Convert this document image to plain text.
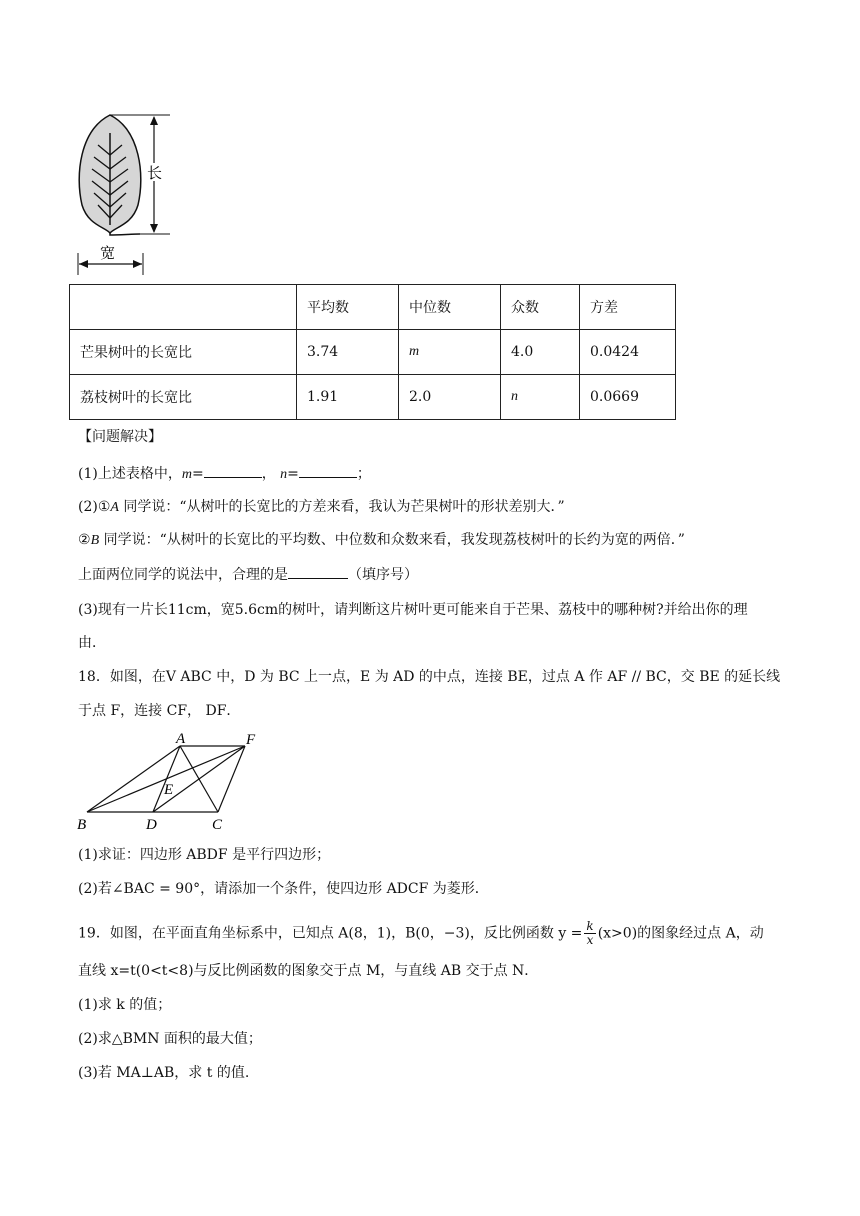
长
宽
	平均数	中位数	众数	方差
芒果树叶的长宽比	3.74	m	4.0	0.0424
荔枝树叶的长宽比	1.91	2.0	n	0.0669
【问题解决】
(1)上述表格中，m=	， n=	；
(2)①A 同学说：“从树叶的长宽比的方差来看，我认为芒果树叶的形状差别大．”
②B 同学说：“从树叶的长宽比的平均数、中位数和众数来看，我发现荔枝树叶的长约为宽的两倍．”
上面两位同学的说法中，合理的是	（填序号）
(3)现有一片长11cm，宽5.6cm的树叶，请判断这片树叶更可能来自于芒果、荔枝中的哪种树?并给出你的理
由．
18．如图，在V ABC 中，D 为 BC 上一点，E 为 AD 的中点，连接 BE，过点 A 作 AF // BC，交 BE 的延长线
于点 F，连接 CF， DF．
A	F
E
B	D	C
(1)求证：四边形 ABDF 是平行四边形；
(2)若∠BAC = 90°，请添加一个条件，使四边形 ADCF 为菱形．
19．如图，在平面直角坐标系中，已知点 A(8，1)，B(0，−3)，反比例函数 $y = \frac{k}{x} (x>0)$的图象经过点 A，动
直线 x=t(0<t<8)与反比例函数的图象交于点 M，与直线 AB 交于点 N．
(1)求 k 的值；
(2)求△BMN 面积的最大值；
(3)若 MA⊥AB，求 t 的值.
